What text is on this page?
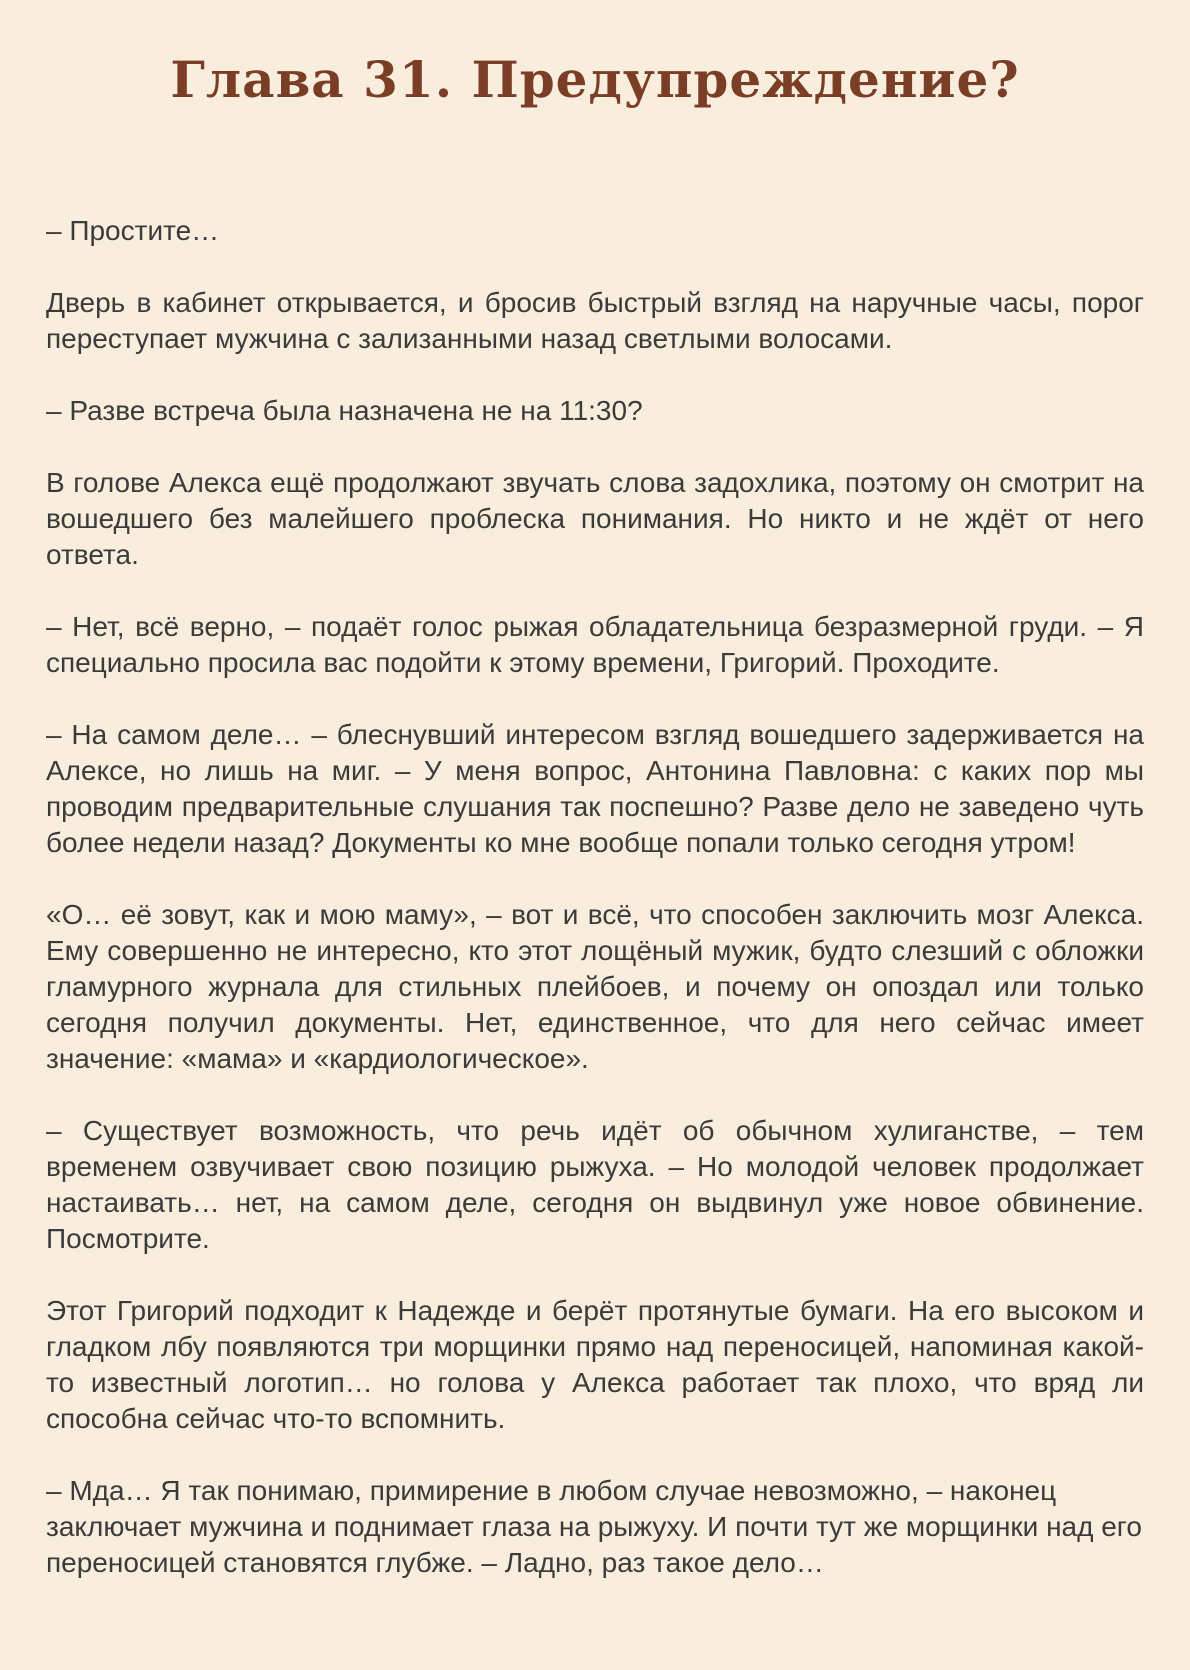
Глава 31. Предупреждение?

– Простите…

Дверь в кабинет открывается, и бросив быстрый взгляд на наручные часы, порог переступает мужчина с зализанными назад светлыми волосами.

– Разве встреча была назначена не на 11:30?

В голове Алекса ещё продолжают звучать слова задохлика, поэтому он смотрит на вошедшего без малейшего проблеска понимания. Но никто и не ждёт от него ответа.

– Нет, всё верно, – подаёт голос рыжая обладательница безразмерной груди. – Я специально просила вас подойти к этому времени, Григорий. Проходите.

– На самом деле… – блеснувший интересом взгляд вошедшего задерживается на Алексе, но лишь на миг. – У меня вопрос, Антонина Павловна: с каких пор мы проводим предварительные слушания так поспешно? Разве дело не заведено чуть более недели назад? Документы ко мне вообще попали только сегодня утром!

«О… её зовут, как и мою маму», – вот и всё, что способен заключить мозг Алекса. Ему совершенно не интересно, кто этот лощёный мужик, будто слезший с обложки гламурного журнала для стильных плейбоев, и почему он опоздал или только сегодня получил документы. Нет, единственное, что для него сейчас имеет значение: «мама» и «кардиологическое».

– Существует возможность, что речь идёт об обычном хулиганстве, – тем временем озвучивает свою позицию рыжуха. – Но молодой человек продолжает настаивать… нет, на самом деле, сегодня он выдвинул уже новое обвинение. Посмотрите.

Этот Григорий подходит к Надежде и берёт протянутые бумаги. На его высоком и гладком лбу появляются три морщинки прямо над переносицей, напоминая какой-то известный логотип… но голова у Алекса работает так плохо, что вряд ли способна сейчас что-то вспомнить.

– Мда… Я так понимаю, примирение в любом случае невозможно, – наконец заключает мужчина и поднимает глаза на рыжуху. И почти тут же морщинки над его переносицей становятся глубже. – Ладно, раз такое дело…
